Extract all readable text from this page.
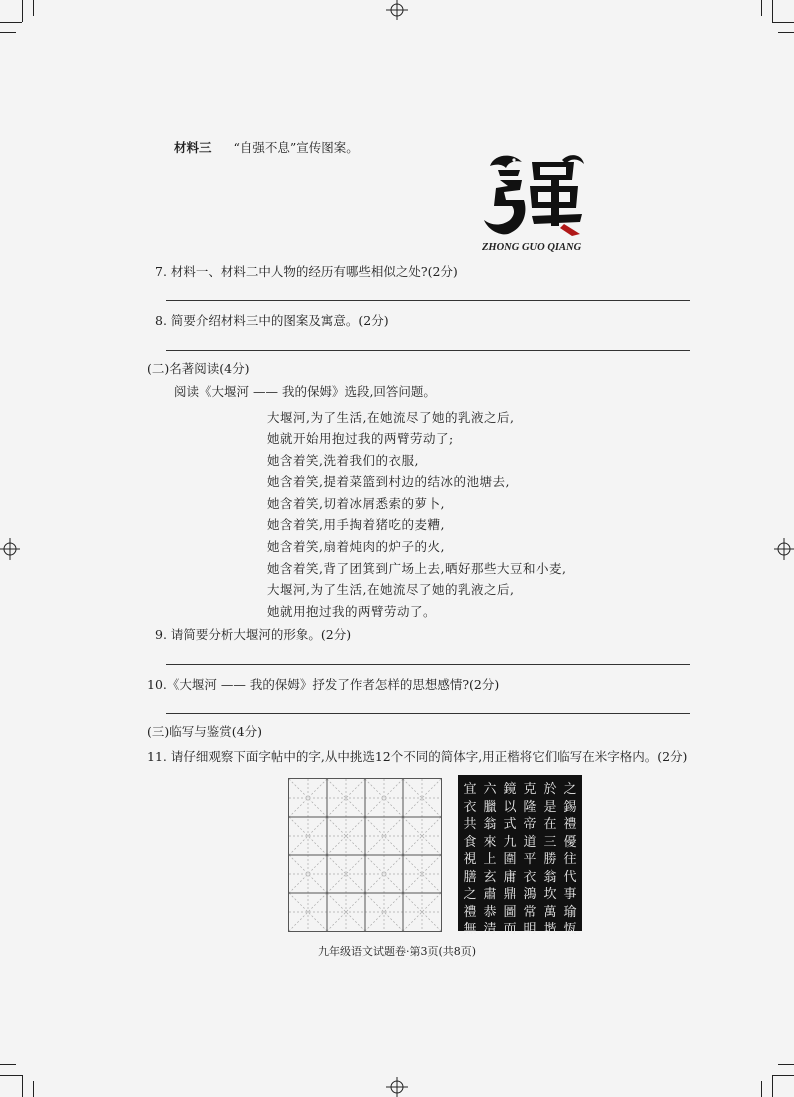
材料三 “自强不息”宣传图案。
ZHONG GUO QIANG
7. 材料一、材料二中人物的经历有哪些相似之处?(2分)
8. 简要介绍材料三中的图案及寓意。(2分)
(二)名著阅读(4分)
阅读《大堰河 —— 我的保姆》选段,回答问题。
大堰河,为了生活,在她流尽了她的乳液之后,
她就开始用抱过我的两臂劳动了;
她含着笑,洗着我们的衣服,
她含着笑,提着菜篮到村边的结冰的池塘去,
她含着笑,切着冰屑悉索的萝卜,
她含着笑,用手掏着猪吃的麦糟,
她含着笑,扇着炖肉的炉子的火,
她含着笑,背了团箕到广场上去,晒好那些大豆和小麦,
大堰河,为了生活,在她流尽了她的乳液之后,
她就用抱过我的两臂劳动了。
9. 请简要分析大堰河的形象。(2分)
10.《大堰河 —— 我的保姆》抒发了作者怎样的思想感情?(2分)
(三)临写与鉴赏(4分)
11. 请仔细观察下面字帖中的字,从中挑选12个不同的简体字,用正楷将它们临写在米字格内。(2分)
之錫禮優往代事瑜恆
於是在三勝翁坎萬堦
克隆帝道平衣鴻常明
鏡以式九圍庸鼎圖而
六臘翁來上玄肅恭清
宜衣共食視膳之禮無
九年级语文试题卷·第3页(共8页)
